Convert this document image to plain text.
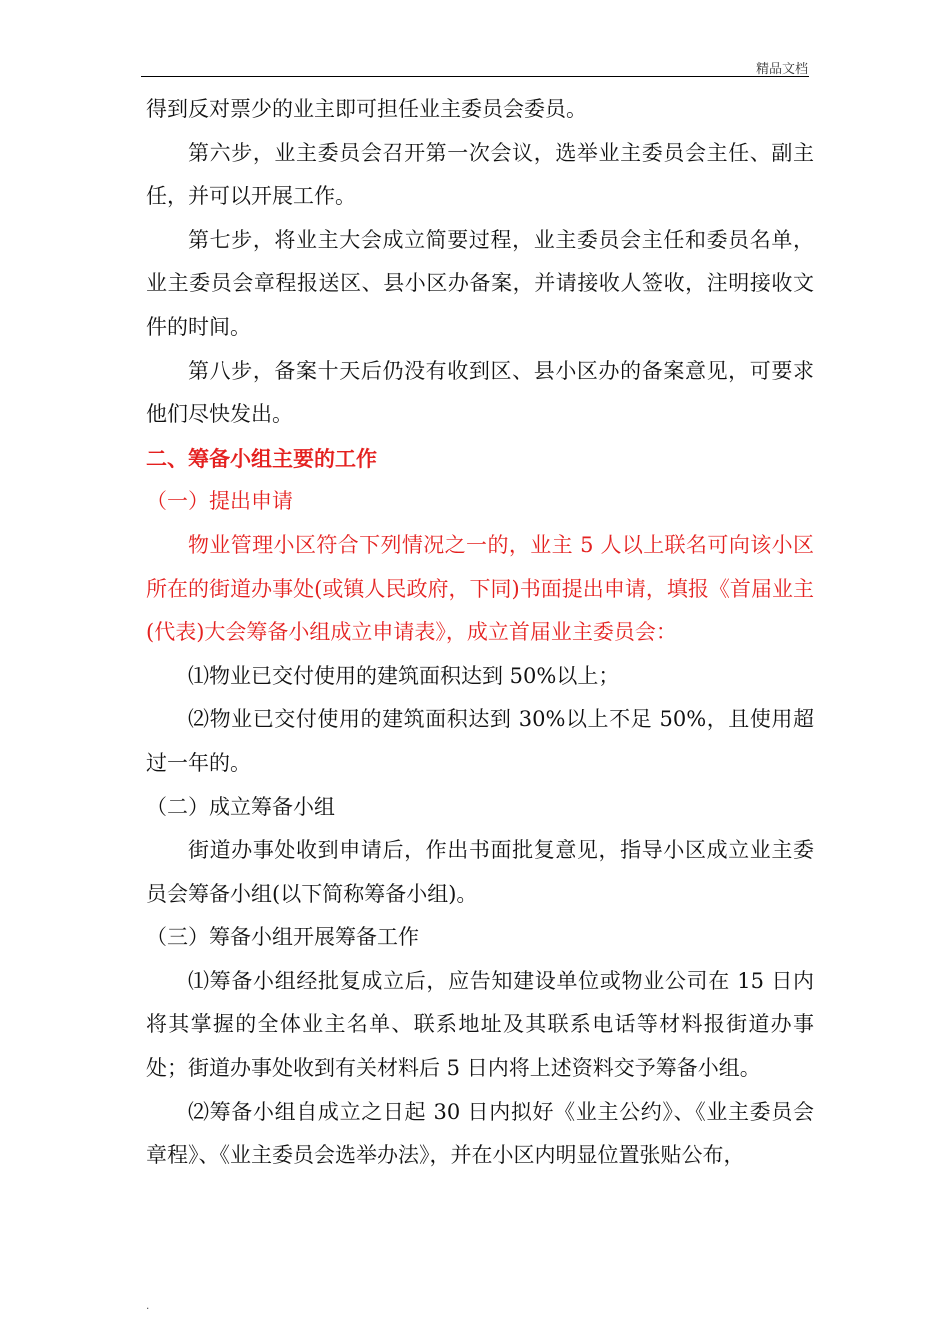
精品文档

得到反对票少的业主即可担任业主委员会委员。

第六步，业主委员会召开第一次会议，选举业主委员会主任、副主任，并可以开展工作。

第七步，将业主大会成立简要过程，业主委员会主任和委员名单，业主委员会章程报送区、县小区办备案，并请接收人签收，注明接收文件的时间。

第八步，备案十天后仍没有收到区、县小区办的备案意见，可要求他们尽快发出。

二、筹备小组主要的工作

（一）提出申请

物业管理小区符合下列情况之一的，业主 5 人以上联名可向该小区所在的街道办事处(或镇人民政府，下同)书面提出申请，填报《首届业主(代表)大会筹备小组成立申请表》，成立首届业主委员会：

⑴物业已交付使用的建筑面积达到 50%以上；

⑵物业已交付使用的建筑面积达到 30%以上不足 50%，且使用超过一年的。

（二）成立筹备小组

街道办事处收到申请后，作出书面批复意见，指导小区成立业主委员会筹备小组(以下简称筹备小组)。

（三）筹备小组开展筹备工作

⑴筹备小组经批复成立后，应告知建设单位或物业公司在 15 日内将其掌握的全体业主名单、联系地址及其联系电话等材料报街道办事处；街道办事处收到有关材料后 5 日内将上述资料交予筹备小组。

⑵筹备小组自成立之日起 30 日内拟好《业主公约》、《业主委员会章程》、《业主委员会选举办法》，并在小区内明显位置张贴公布，

.
